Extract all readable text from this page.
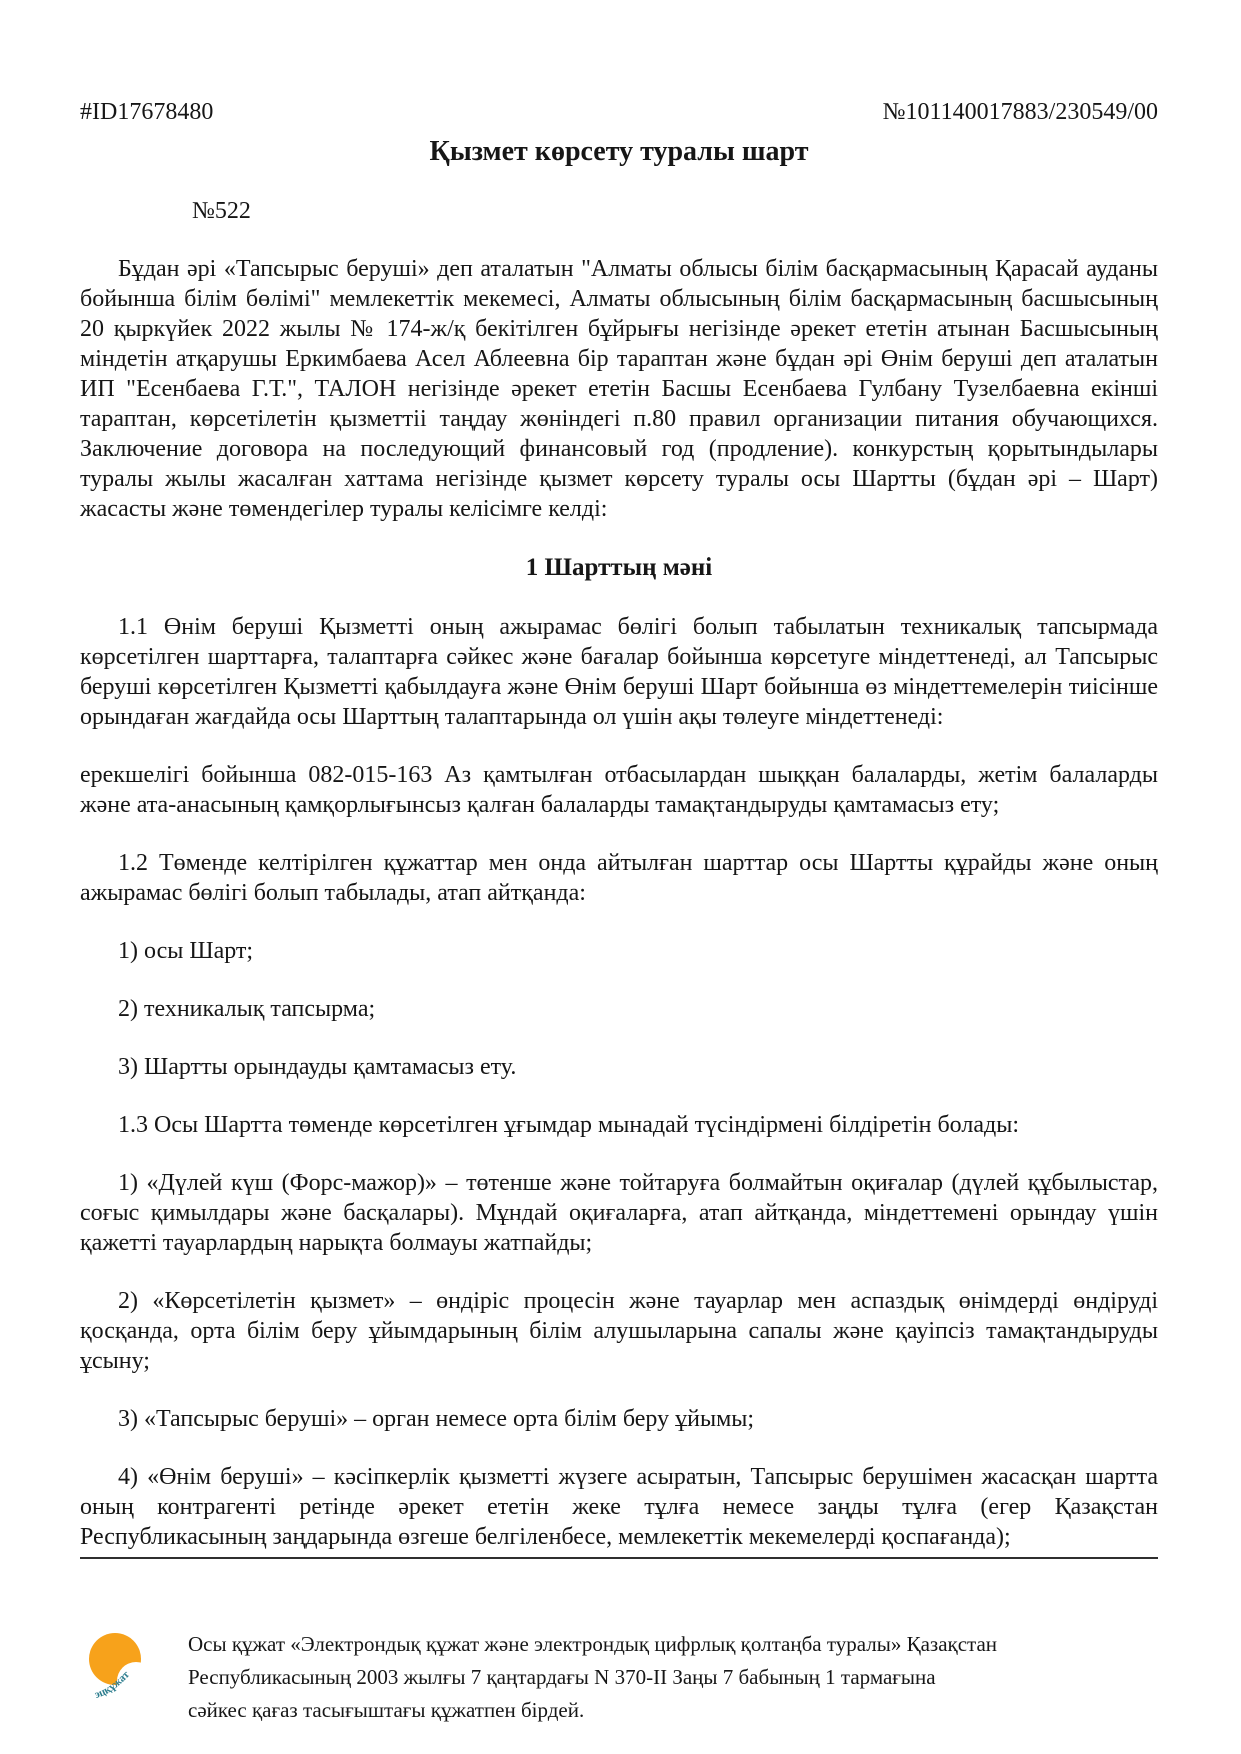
#ID17678480	№101140017883/230549/00
Қызмет көрсету туралы шарт
№522

Бұдан әрі «Тапсырыс беруші» деп аталатын "Алматы облысы білім басқармасының Қарасай ауданы бойынша білім бөлімі" мемлекеттік мекемесі, Алматы облысының білім басқармасының басшысының 20 қыркүйек 2022 жылы № 174-ж/қ бекітілген бұйрығы негізінде әрекет ететін атынан Басшысының міндетін атқарушы Еркимбаева Асел Аблеевна бір тараптан және бұдан әрі Өнім беруші деп аталатын ИП "Есенбаева Г.Т.", ТАЛОН негізінде әрекет ететін Басшы Есенбаева Гулбану Тузелбаевна екінші тараптан, көрсетілетін қызметтіі таңдау жөніндегі п.80 правил организации питания обучающихся. Заключение договора на последующий финансовый год (продление). конкурстың қорытындылары туралы жылы жасалған хаттама негізінде қызмет көрсету туралы осы Шартты (бұдан әрі – Шарт) жасасты және төмендегілер туралы келісімге келді:

1 Шарттың мәні

1.1 Өнім беруші Қызметті оның ажырамас бөлігі болып табылатын техникалық тапсырмада көрсетілген шарттарға, талаптарға сәйкес және бағалар бойынша көрсетуге міндеттенеді, ал Тапсырыс беруші көрсетілген Қызметті қабылдауға және Өнім беруші Шарт бойынша өз міндеттемелерін тиісінше орындаған жағдайда осы Шарттың талаптарында ол үшін ақы төлеуге міндеттенеді:

ерекшелігі бойынша 082-015-163 Аз қамтылған отбасылардан шыққан балаларды, жетім балаларды және ата-анасының қамқорлығынсыз қалған балаларды тамақтандыруды қамтамасыз ету;

1.2 Төменде келтірілген құжаттар мен онда айтылған шарттар осы Шартты құрайды және оның ажырамас бөлігі болып табылады, атап айтқанда:

1) осы Шарт;

2) техникалық тапсырма;

3) Шартты орындауды қамтамасыз ету.

1.3 Осы Шартта төменде көрсетілген ұғымдар мынадай түсіндірмені білдіретін болады:

1) «Дүлей күш (Форс-мажор)» – төтенше және тойтаруға болмайтын оқиғалар (дүлей құбылыстар, соғыс қимылдары және басқалары). Мұндай оқиғаларға, атап айтқанда, міндеттемені орындау үшін қажетті тауарлардың нарықта болмауы жатпайды;

2) «Көрсетілетін қызмет» – өндіріс процесін және тауарлар мен аспаздық өнімдерді өндіруді қосқанда, орта білім беру ұйымдарының білім алушыларына сапалы және қауіпсіз тамақтандыруды ұсыну;

3) «Тапсырыс беруші» – орган немесе орта білім беру ұйымы;

4) «Өнім беруші» – кәсіпкерлік қызметті жүзеге асыратын, Тапсырыс берушімен жасасқан шартта оның контрагенті ретінде әрекет ететін жеке тұлға немесе заңды тұлға (егер Қазақстан Республикасының заңдарында өзгеше белгіленбесе, мемлекеттік мекемелерді қоспағанда);

эцқұжат
Осы құжат «Электрондық құжат және электрондық цифрлық қолтаңба туралы» Қазақстан Республикасының 2003 жылғы 7 қаңтардағы N 370-II Заңы 7 бабының 1 тармағына сәйкес қағаз тасығыштағы құжатпен бірдей.
